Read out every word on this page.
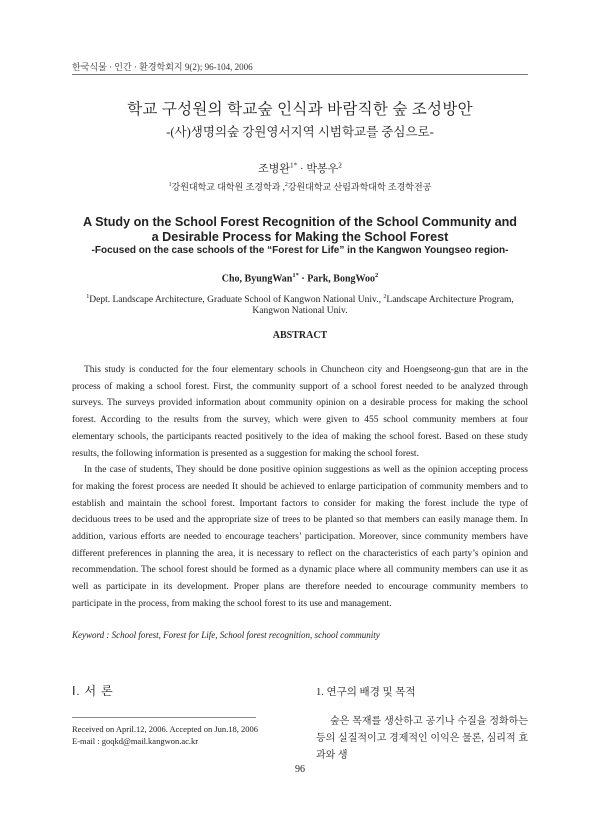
한국식물 · 인간 · 환경학회지 9(2); 96-104, 2006
학교 구성원의 학교숲 인식과 바람직한 숲 조성방안
-(사)생명의숲 강원영서지역 시범학교를 중심으로-
조병완$^{1*}$ · 박봉우$^2$
$^1$강원대학교 대학원 조경학과 ,$^2$강원대학교 산림과학대학 조경학전공
A Study on the School Forest Recognition of the School Community and a Desirable Process for Making the School Forest
-Focused on the case schools of the “Forest for Life” in the Kangwon Youngseo region-
Cho, ByungWan$^{1*}$ · Park, BongWoo$^2$
$^1$Dept. Landscape Architecture, Graduate School of Kangwon National Univ., $^2$Landscape Architecture Program, Kangwon National Univ.
ABSTRACT

This study is conducted for the four elementary schools in Chuncheon city and Hoengseong-gun that are in the process of making a school forest. First, the community support of a school forest needed to be analyzed through surveys. The surveys provided information about community opinion on a desirable process for making the school forest. According to the results from the survey, which were given to 455 school community members at four elementary schools, the participants reacted positively to the idea of making the school forest. Based on these study results, the following information is presented as a suggestion for making the school forest.

In the case of students, They should be done positive opinion suggestions as well as the opinion accepting process for making the forest process are needed It should be achieved to enlarge participation of community members and to establish and maintain the school forest. Important factors to consider for making the forest include the type of deciduous trees to be used and the appropriate size of trees to be planted so that members can easily manage them. In addition, various efforts are needed to encourage teachers’ participation. Moreover, since community members have different preferences in planning the area, it is necessary to reflect on the characteristics of each party’s opinion and recommendation. The school forest should be formed as a dynamic place where all community members can use it as well as participate in its development. Proper plans are therefore needed to encourage community members to participate in the process, from making the school forest to its use and management.

Keyword : School forest, Forest for Life, School forest recognition, school community
Ⅰ. 서 론	1. 연구의 배경 및 목적
Received on April.12, 2006. Accepted on Jun.18, 2006
E-mail : goqkd@mail.kangwon.ac.kr
숲은 목재를 생산하고 공기나 수질을 정화하는 등의 실질적이고 경제적인 이익은 물론, 심리적 효과와 생
96
